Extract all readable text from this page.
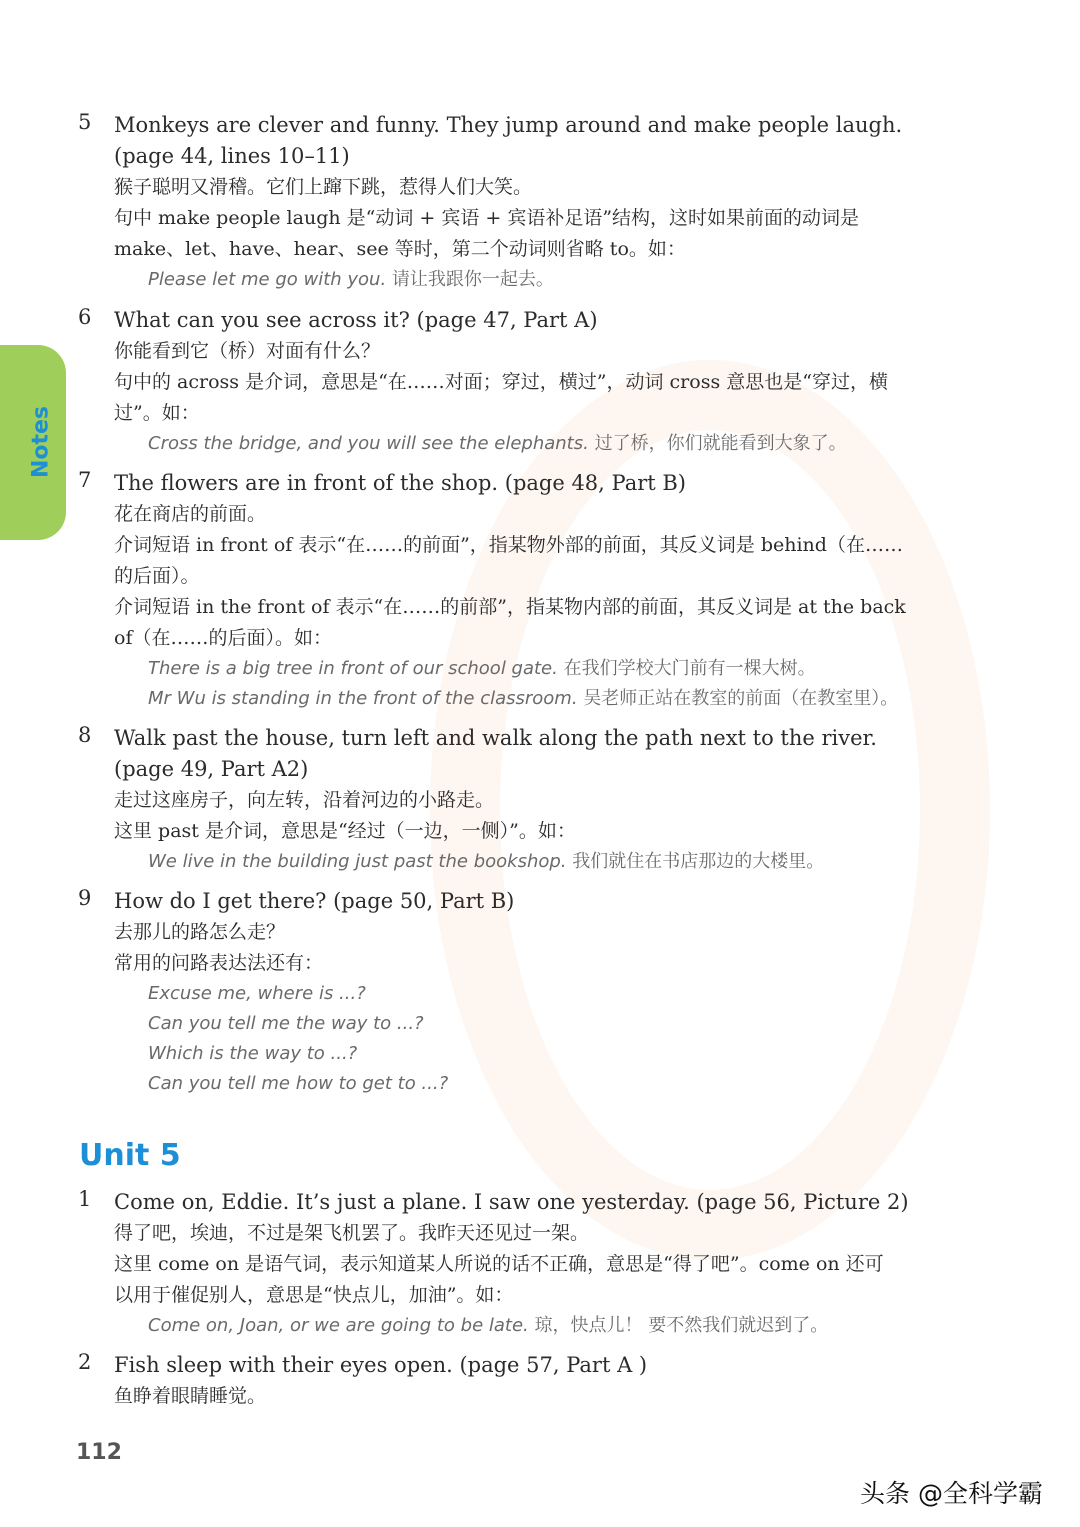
Notes
5 Monkeys are clever and funny. They jump around and make people laugh.
(page 44, lines 10–11)
猴子聪明又滑稽。它们上蹿下跳，惹得人们大笑。
句中 make people laugh 是“动词 + 宾语 + 宾语补足语”结构，这时如果前面的动词是
make、let、have、hear、see 等时，第二个动词则省略 to。如：
Please let me go with you. 请让我跟你一起去。
6 What can you see across it? (page 47, Part A)
你能看到它（桥）对面有什么？
句中的 across 是介词，意思是“在……对面；穿过，横过”，动词 cross 意思也是“穿过，横
过”。如：
Cross the bridge, and you will see the elephants. 过了桥，你们就能看到大象了。
7 The flowers are in front of the shop. (page 48, Part B)
花在商店的前面。
介词短语 in front of 表示“在……的前面”，指某物外部的前面，其反义词是 behind（在……
的后面）。
介词短语 in the front of 表示“在……的前部”，指某物内部的前面，其反义词是 at the back
of（在……的后面）。如：
There is a big tree in front of our school gate. 在我们学校大门前有一棵大树。
Mr Wu is standing in the front of the classroom. 吴老师正站在教室的前面（在教室里）。
8 Walk past the house, turn left and walk along the path next to the river.
(page 49, Part A2)
走过这座房子，向左转，沿着河边的小路走。
这里 past 是介词，意思是“经过（一边，一侧）”。如：
We live in the building just past the bookshop. 我们就住在书店那边的大楼里。
9 How do I get there? (page 50, Part B)
去那儿的路怎么走？
常用的问路表达法还有：
Excuse me, where is ...?
Can you tell me the way to ...?
Which is the way to ...?
Can you tell me how to get to ...?
Unit 5
1 Come on, Eddie. It’s just a plane. I saw one yesterday. (page 56, Picture 2)
得了吧，埃迪，不过是架飞机罢了。我昨天还见过一架。
这里 come on 是语气词，表示知道某人所说的话不正确，意思是“得了吧”。come on 还可
以用于催促别人，意思是“快点儿，加油”。如：
Come on, Joan, or we are going to be late. 琼，快点儿！ 要不然我们就迟到了。
2 Fish sleep with their eyes open. (page 57, Part A )
鱼睁着眼睛睡觉。
112
头条 @全科学霸
